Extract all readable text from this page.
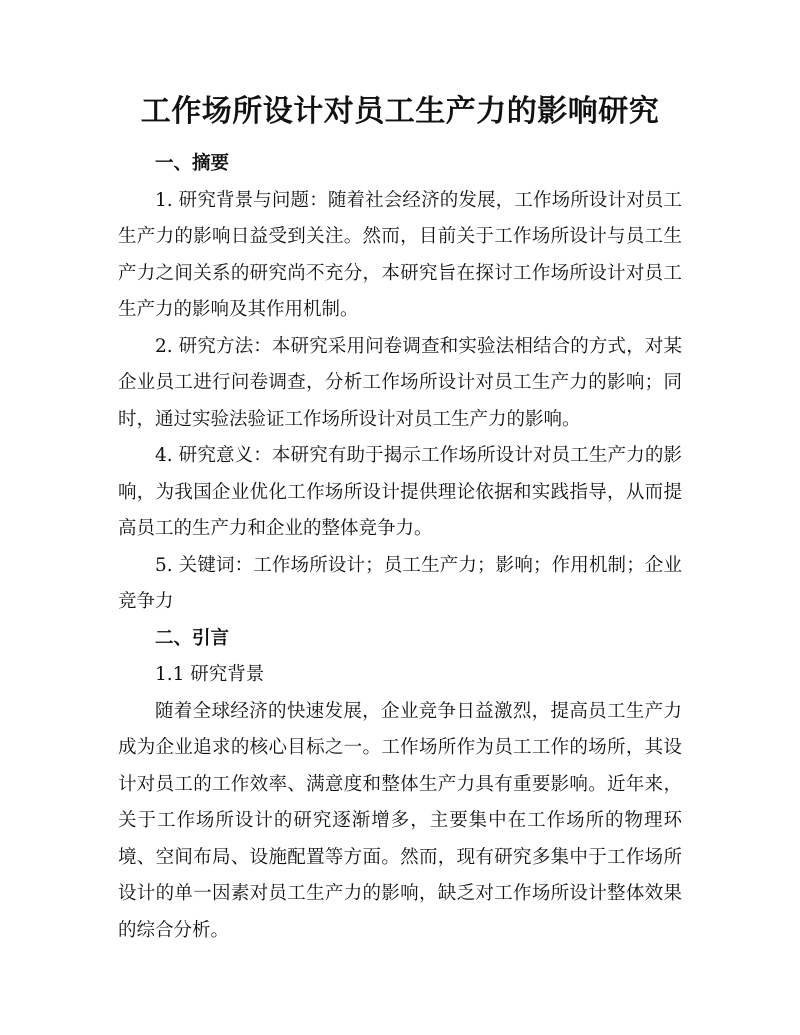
工作场所设计对员工生产力的影响研究

一、摘要

1. 研究背景与问题：随着社会经济的发展，工作场所设计对员工生产力的影响日益受到关注。然而，目前关于工作场所设计与员工生产力之间关系的研究尚不充分，本研究旨在探讨工作场所设计对员工生产力的影响及其作用机制。

2. 研究方法：本研究采用问卷调查和实验法相结合的方式，对某企业员工进行问卷调查，分析工作场所设计对员工生产力的影响；同时，通过实验法验证工作场所设计对员工生产力的影响。

4. 研究意义：本研究有助于揭示工作场所设计对员工生产力的影响，为我国企业优化工作场所设计提供理论依据和实践指导，从而提高员工的生产力和企业的整体竞争力。

5. 关键词：工作场所设计；员工生产力；影响；作用机制；企业竞争力

二、引言

1.1 研究背景

随着全球经济的快速发展，企业竞争日益激烈，提高员工生产力成为企业追求的核心目标之一。工作场所作为员工工作的场所，其设计对员工的工作效率、满意度和整体生产力具有重要影响。近年来，关于工作场所设计的研究逐渐增多，主要集中在工作场所的物理环境、空间布局、设施配置等方面。然而，现有研究多集中于工作场所设计的单一因素对员工生产力的影响，缺乏对工作场所设计整体效果的综合分析。
